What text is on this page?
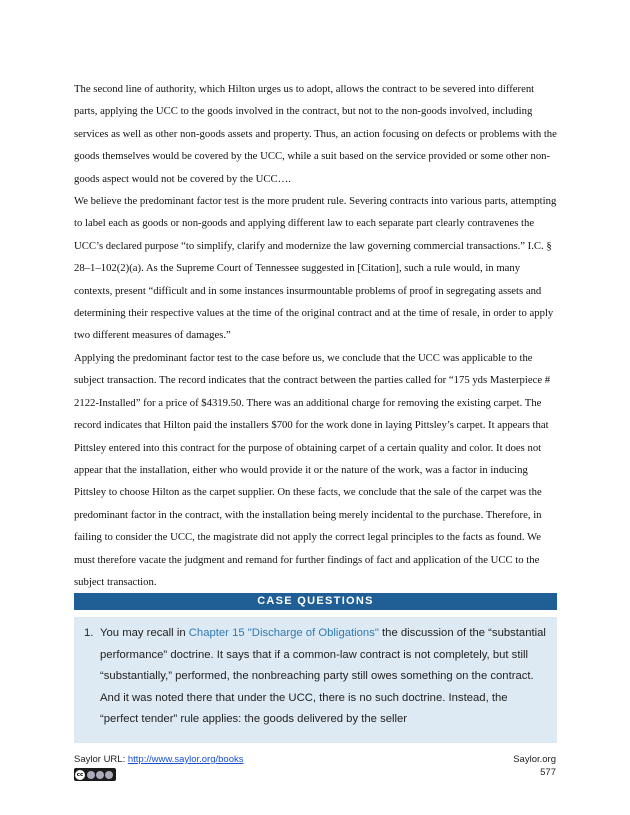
The second line of authority, which Hilton urges us to adopt, allows the contract to be severed into different parts, applying the UCC to the goods involved in the contract, but not to the non-goods involved, including services as well as other non-goods assets and property. Thus, an action focusing on defects or problems with the goods themselves would be covered by the UCC, while a suit based on the service provided or some other non-goods aspect would not be covered by the UCC….

We believe the predominant factor test is the more prudent rule. Severing contracts into various parts, attempting to label each as goods or non-goods and applying different law to each separate part clearly contravenes the UCC’s declared purpose “to simplify, clarify and modernize the law governing commercial transactions.” I.C. § 28–1–102(2)(a). As the Supreme Court of Tennessee suggested in [Citation], such a rule would, in many contexts, present “difficult and in some instances insurmountable problems of proof in segregating assets and determining their respective values at the time of the original contract and at the time of resale, in order to apply two different measures of damages.”

Applying the predominant factor test to the case before us, we conclude that the UCC was applicable to the subject transaction. The record indicates that the contract between the parties called for “175 yds Masterpiece # 2122-Installed” for a price of $4319.50. There was an additional charge for removing the existing carpet. The record indicates that Hilton paid the installers $700 for the work done in laying Pittsley’s carpet. It appears that Pittsley entered into this contract for the purpose of obtaining carpet of a certain quality and color. It does not appear that the installation, either who would provide it or the nature of the work, was a factor in inducing Pittsley to choose Hilton as the carpet supplier. On these facts, we conclude that the sale of the carpet was the predominant factor in the contract, with the installation being merely incidental to the purchase. Therefore, in failing to consider the UCC, the magistrate did not apply the correct legal principles to the facts as found. We must therefore vacate the judgment and remand for further findings of fact and application of the UCC to the subject transaction.

CASE QUESTIONS
1. You may recall in Chapter 15 "Discharge of Obligations" the discussion of the “substantial performance” doctrine. It says that if a common-law contract is not completely, but still “substantially,” performed, the nonbreaching party still owes something on the contract. And it was noted there that under the UCC, there is no such doctrine. Instead, the “perfect tender” rule applies: the goods delivered by the seller
Saylor URL: http://www.saylor.org/books
cc
Saylor.org
577
